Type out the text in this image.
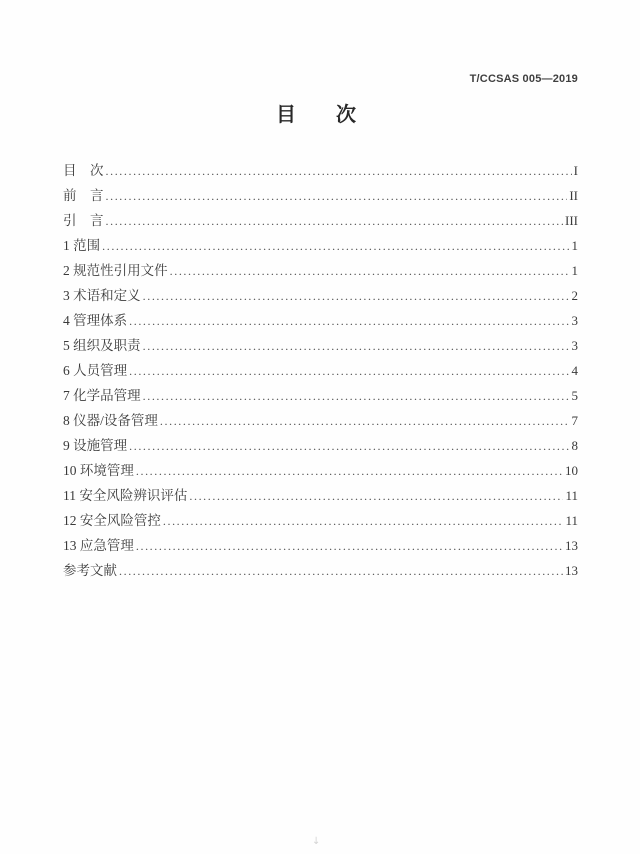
T/CCSAS 005—2019
目　　次
目　次 .....	I
前　言 .....	II
引　言 .....	III
1 范围 .....	1
2 规范性引用文件 .....	1
3 术语和定义 .....	2
4 管理体系 .....	3
5 组织及职责 .....	3
6 人员管理 .....	4
7 化学品管理 .....	5
8 仪器/设备管理 .....	7
9 设施管理 .....	8
10 环境管理 .....	10
11 安全风险辨识评估 .....	11
12 安全风险管控 .....	11
13 应急管理 .....	13
参考文献 .....	13
↓
